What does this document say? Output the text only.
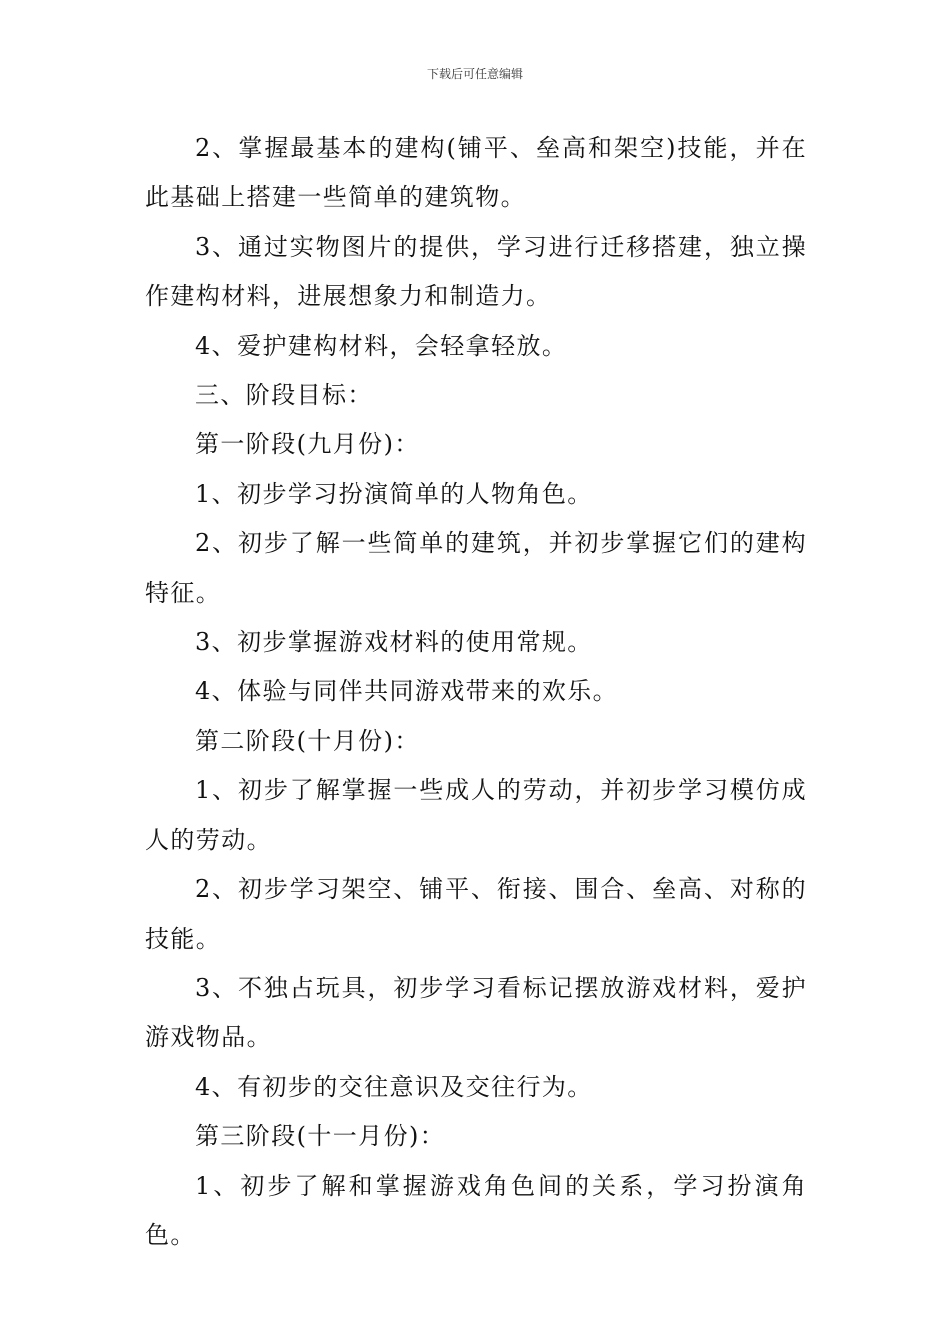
下载后可任意编辑

2、掌握最基本的建构(铺平、垒高和架空)技能，并在此基础上搭建一些简单的建筑物。

3、通过实物图片的提供，学习进行迁移搭建，独立操作建构材料，进展想象力和制造力。

4、爱护建构材料，会轻拿轻放。

三、阶段目标：

第一阶段(九月份)：

1、初步学习扮演简单的人物角色。

2、初步了解一些简单的建筑，并初步掌握它们的建构特征。

3、初步掌握游戏材料的使用常规。

4、体验与同伴共同游戏带来的欢乐。

第二阶段(十月份)：

1、初步了解掌握一些成人的劳动，并初步学习模仿成人的劳动。

2、初步学习架空、铺平、衔接、围合、垒高、对称的技能。

3、不独占玩具，初步学习看标记摆放游戏材料，爱护游戏物品。

4、有初步的交往意识及交往行为。

第三阶段(十一月份)：

1、初步了解和掌握游戏角色间的关系，学习扮演角色。
